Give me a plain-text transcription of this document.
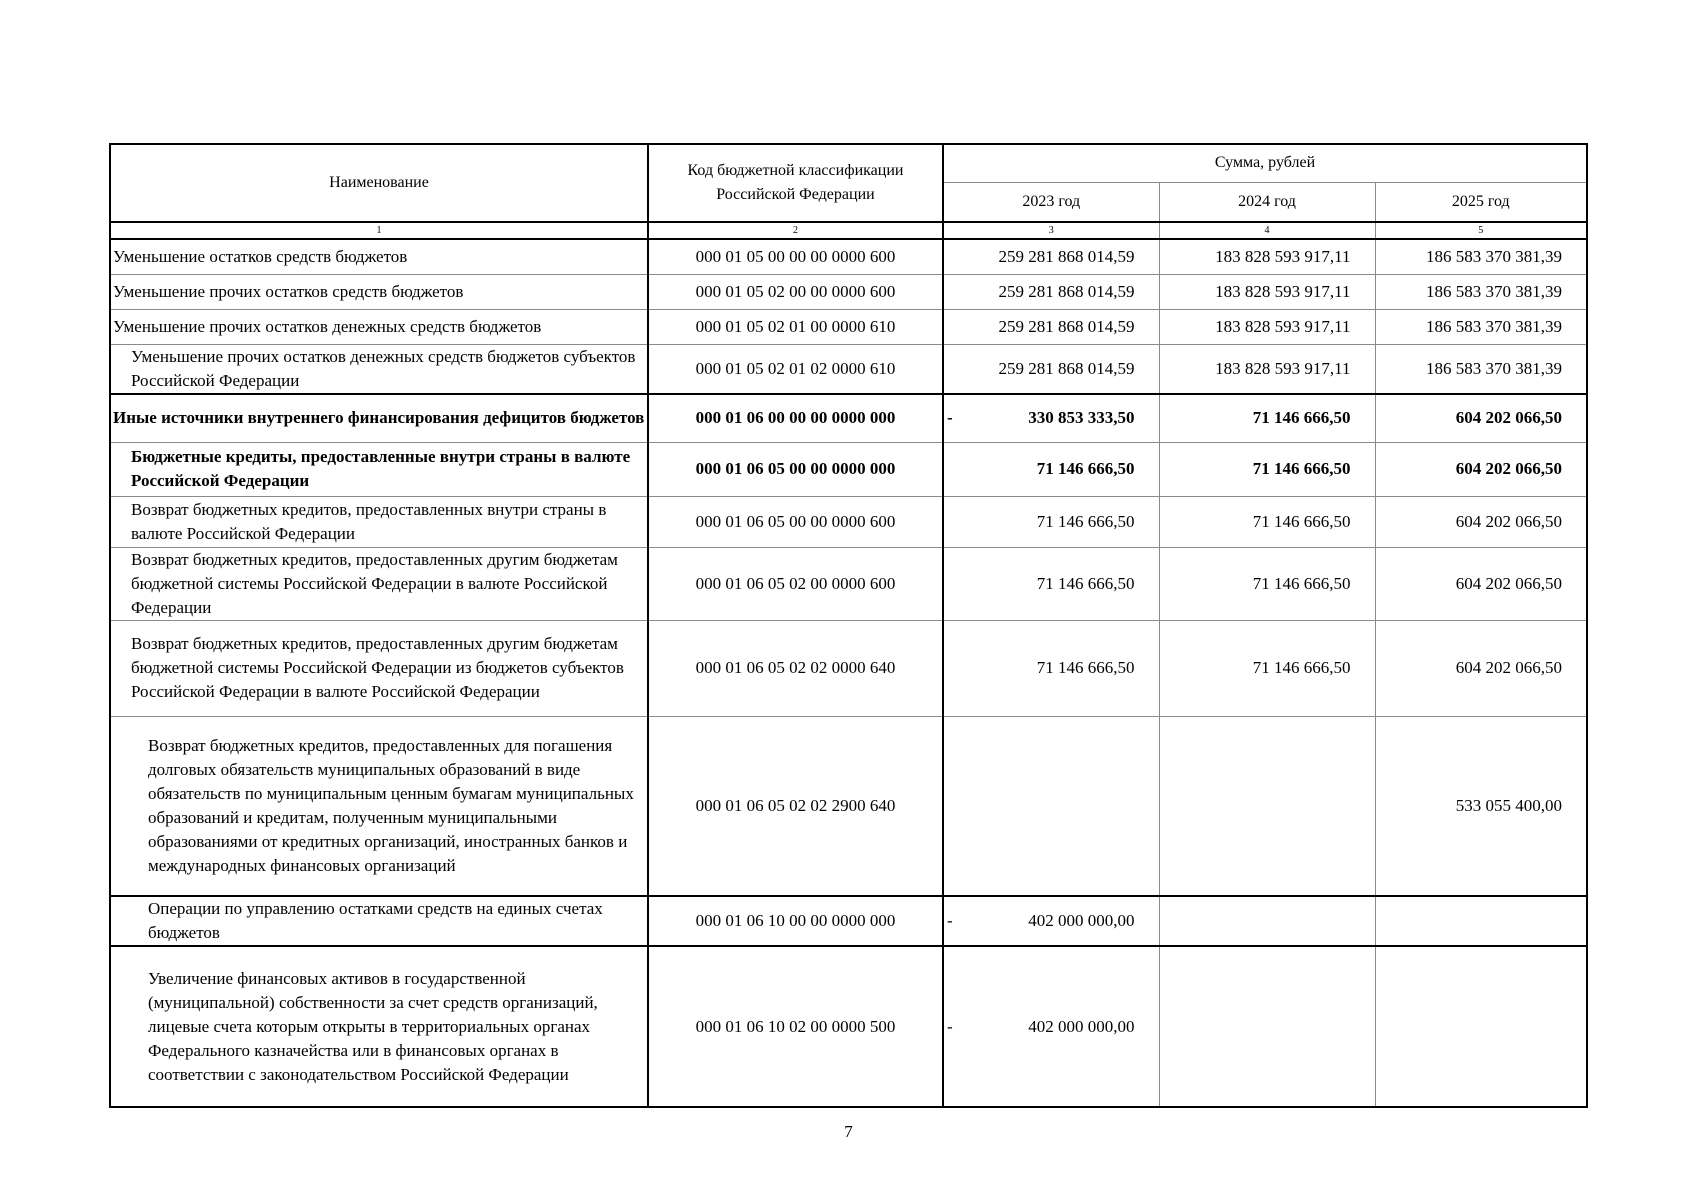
Наименование	Код бюджетной классификации Российской Федерации	Сумма, рублей		
		2023 год	2024 год	2025 год
1	2	3	4	5
Уменьшение остатков средств бюджетов	000 01 05 00 00 00 0000 600	259 281 868 014,59	183 828 593 917,11	186 583 370 381,39
Уменьшение прочих остатков средств бюджетов	000 01 05 02 00 00 0000 600	259 281 868 014,59	183 828 593 917,11	186 583 370 381,39
Уменьшение прочих остатков денежных средств бюджетов	000 01 05 02 01 00 0000 610	259 281 868 014,59	183 828 593 917,11	186 583 370 381,39
Уменьшение прочих остатков денежных средств бюджетов субъектов Российской Федерации	000 01 05 02 01 02 0000 610	259 281 868 014,59	183 828 593 917,11	186 583 370 381,39
Иные источники внутреннего финансирования дефицитов бюджетов	000 01 06 00 00 00 0000 000	- 330 853 333,50	71 146 666,50	604 202 066,50
Бюджетные кредиты, предоставленные внутри страны в валюте Российской Федерации	000 01 06 05 00 00 0000 000	71 146 666,50	71 146 666,50	604 202 066,50
Возврат бюджетных кредитов, предоставленных внутри страны в валюте Российской Федерации	000 01 06 05 00 00 0000 600	71 146 666,50	71 146 666,50	604 202 066,50
Возврат бюджетных кредитов, предоставленных другим бюджетам бюджетной системы Российской Федерации в валюте Российской Федерации	000 01 06 05 02 00 0000 600	71 146 666,50	71 146 666,50	604 202 066,50
Возврат бюджетных кредитов, предоставленных другим бюджетам бюджетной системы Российской Федерации из бюджетов субъектов Российской Федерации в валюте Российской Федерации	000 01 06 05 02 02 0000 640	71 146 666,50	71 146 666,50	604 202 066,50
Возврат бюджетных кредитов, предоставленных для погашения долговых обязательств муниципальных образований в виде обязательств по муниципальным ценным бумагам муниципальных образований и кредитам, полученным муниципальными образованиями от кредитных организаций, иностранных банков и международных финансовых организаций	000 01 06 05 02 02 2900 640			533 055 400,00
Операции по управлению остатками средств на единых счетах бюджетов	000 01 06 10 00 00 0000 000	- 402 000 000,00		
Увеличение финансовых активов в государственной (муниципальной) собственности за счет средств организаций, лицевые счета которым открыты в территориальных органах Федерального казначейства или в финансовых органах в соответствии с законодательством Российской Федерации	000 01 06 10 02 00 0000 500	- 402 000 000,00		
7
